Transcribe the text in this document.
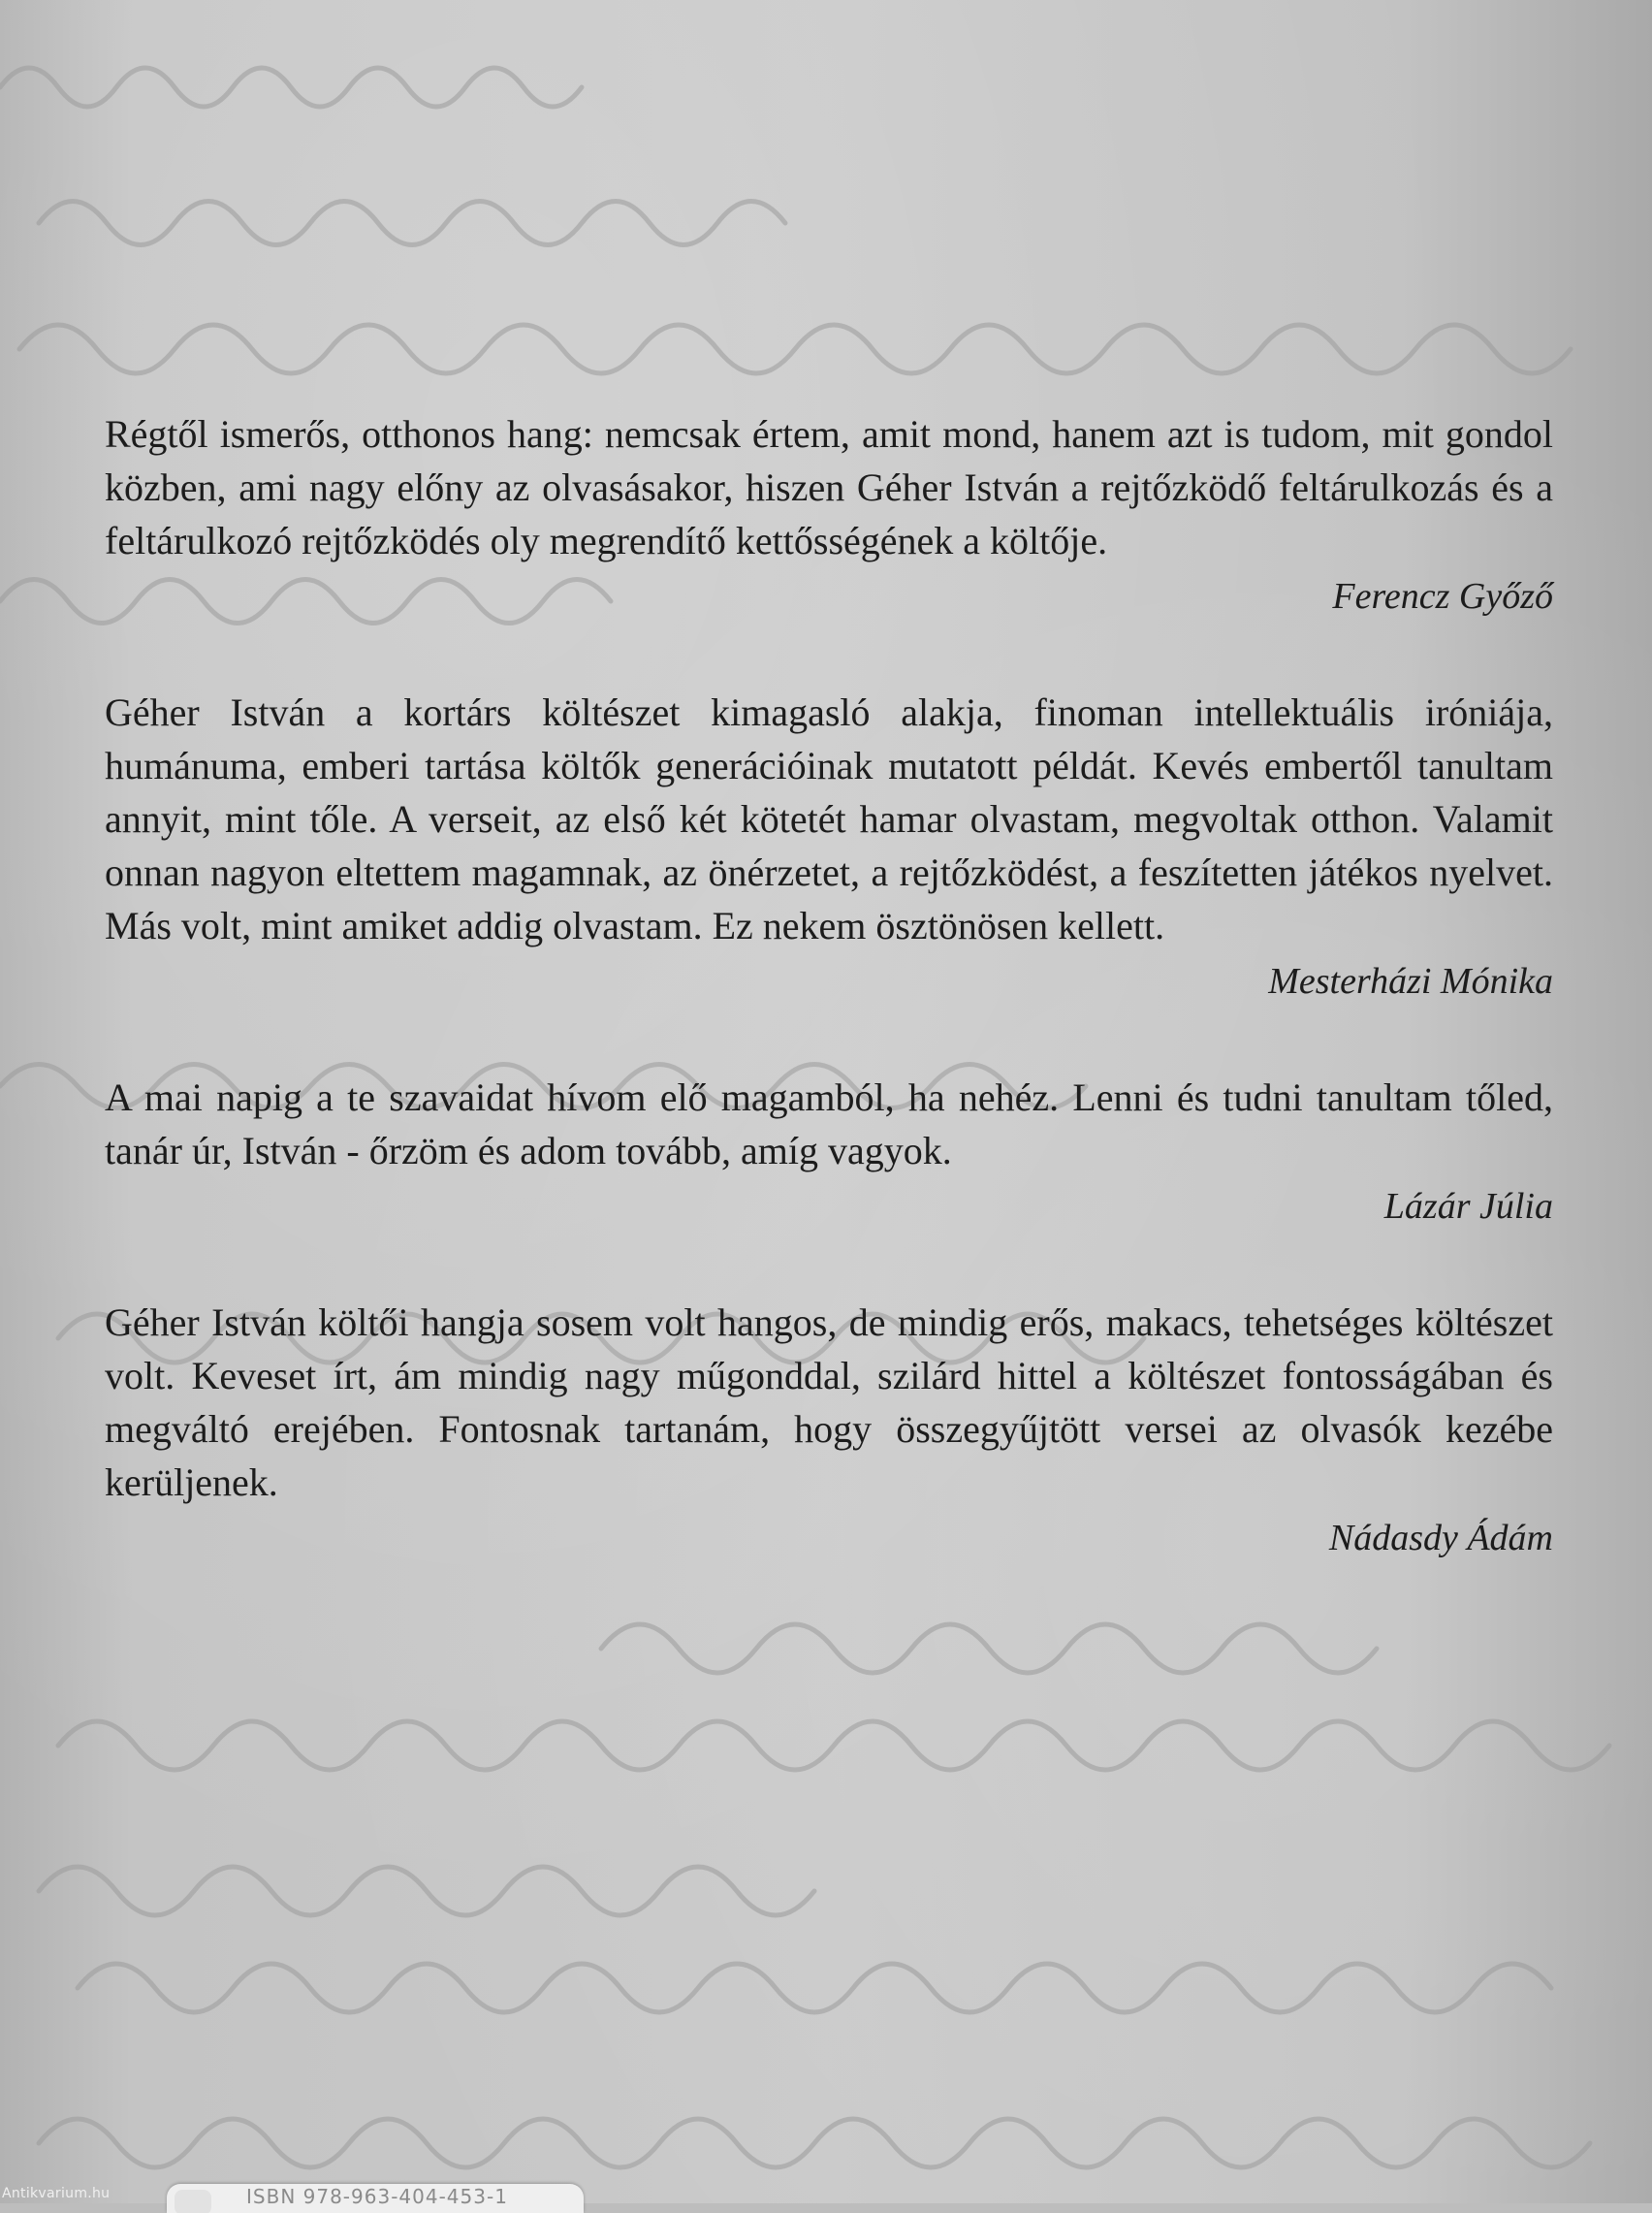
Régtől ismerős, otthonos hang: nemcsak értem, amit mond, hanem azt is tudom, mit gondol közben, ami nagy előny az olvasásakor, hiszen Géher István a rejtőzködő feltárulkozás és a feltárulkozó rejtőzködés oly megrendítő kettősségének a költője.

Ferencz Győző

Géher István a kortárs költészet kimagasló alakja, finoman intellektuális iróniája, humánuma, emberi tartása költők generációinak mutatott példát. Kevés embertől tanultam annyit, mint tőle. A verseit, az első két kötetét hamar olvastam, megvoltak otthon. Valamit onnan nagyon eltettem magamnak, az önérzetet, a rejtőzködést, a feszítetten játékos nyelvet. Más volt, mint amiket addig olvastam. Ez nekem ösztönösen kellett.

Mesterházi Mónika

A mai napig a te szavaidat hívom elő magamból, ha nehéz. Lenni és tudni tanultam tőled, tanár úr, István - őrzöm és adom tovább, amíg vagyok.

Lázár Júlia

Géher István költői hangja sosem volt hangos, de mindig erős, makacs, tehetséges költészet volt. Keveset írt, ám mindig nagy műgonddal, szilárd hittel a költészet fontosságában és megváltó erejében. Fontosnak tartanám, hogy összegyűjtött versei az olvasók kezébe kerüljenek.

Nádasdy Ádám
Antikvarium.hu	ISBN 978-963-404-453-1
